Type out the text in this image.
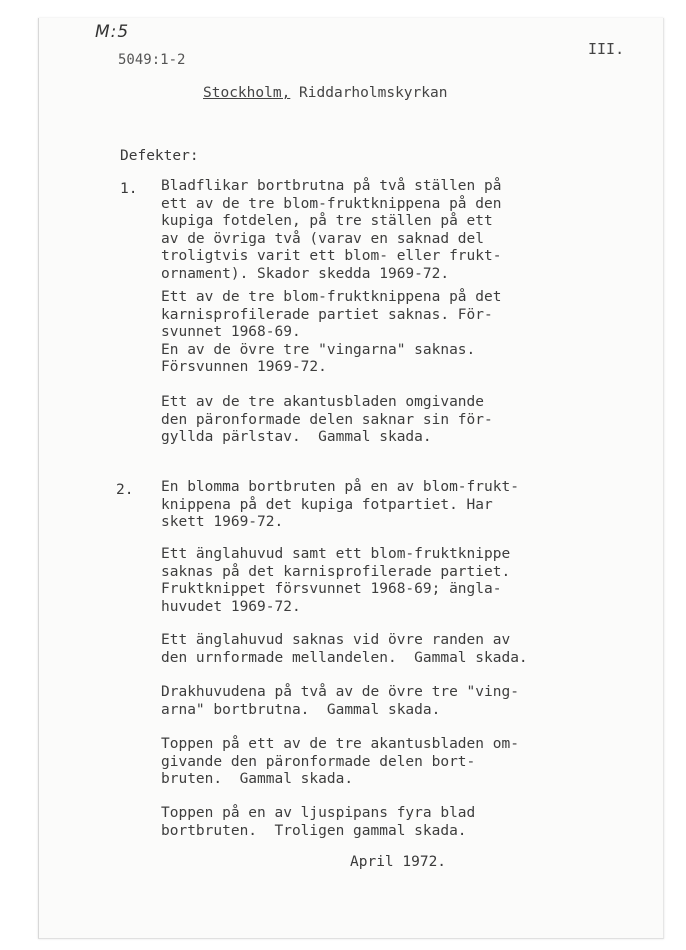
M:5
5049:1-2
III.
Stockholm, Riddarholmskyrkan
Defekter:
1. Bladflikar bortbrutna på två ställen på
ett av de tre blom-fruktknippena på den
kupiga fotdelen, på tre ställen på ett
av de övriga två (varav en saknad del
troligtvis varit ett blom- eller frukt-
ornament). Skador skedda 1969-72.
Ett av de tre blom-fruktknippena på det
karnisprofilerade partiet saknas. För-
svunnet 1968-69.
En av de övre tre "vingarna" saknas.
Försvunnen 1969-72.
Ett av de tre akantusbladen omgivande
den päronformade delen saknar sin för-
gyllda pärlstav.  Gammal skada.
2. En blomma bortbruten på en av blom-frukt-
knippena på det kupiga fotpartiet. Har
skett 1969-72.
Ett änglahuvud samt ett blom-fruktknippe
saknas på det karnisprofilerade partiet.
Fruktknippet försvunnet 1968-69; ängla-
huvudet 1969-72.
Ett änglahuvud saknas vid övre randen av
den urnformade mellandelen.  Gammal skada.
Drakhuvudena på två av de övre tre "ving-
arna" bortbrutna.  Gammal skada.
Toppen på ett av de tre akantusbladen om-
givande den päronformade delen bort-
bruten.  Gammal skada.
Toppen på en av ljuspipans fyra blad
bortbruten.  Troligen gammal skada.
April 1972.
